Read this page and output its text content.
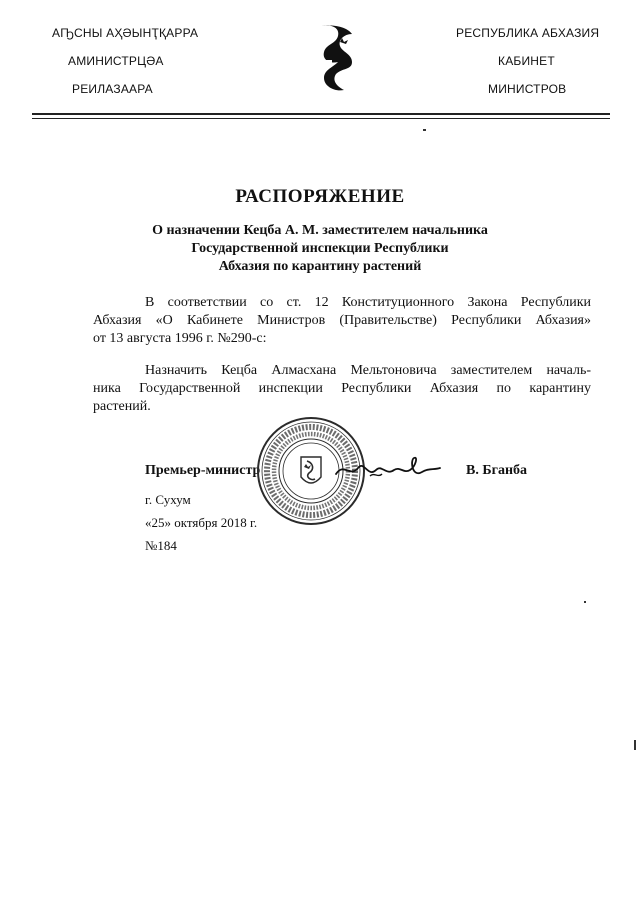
АҦСНЫ АҲӘЫНҬҚАРРА
АМИНИСТРЦӘА
РЕИЛАЗААРА
РЕСПУБЛИКА АБХАЗИЯ
КАБИНЕТ
МИНИСТРОВ
РАСПОРЯЖЕНИЕ
О назначении Кецба А. М. заместителем начальника
Государственной инспекции Республики
Абхазия по карантину растений
В соответствии со ст. 12 Конституционного Закона Республики
Абхазия «О Кабинете Министров (Правительстве) Республики Абхазия»
от 13 августа 1996 г. №290-с:
Назначить Кецба Алмасхана Мельтоновича заместителем началь-
ника Государственной инспекции Республики Абхазия по карантину
растений.
Премьер-министр	В. Бганба
г. Сухум
«25» октября 2018 г.
№184
